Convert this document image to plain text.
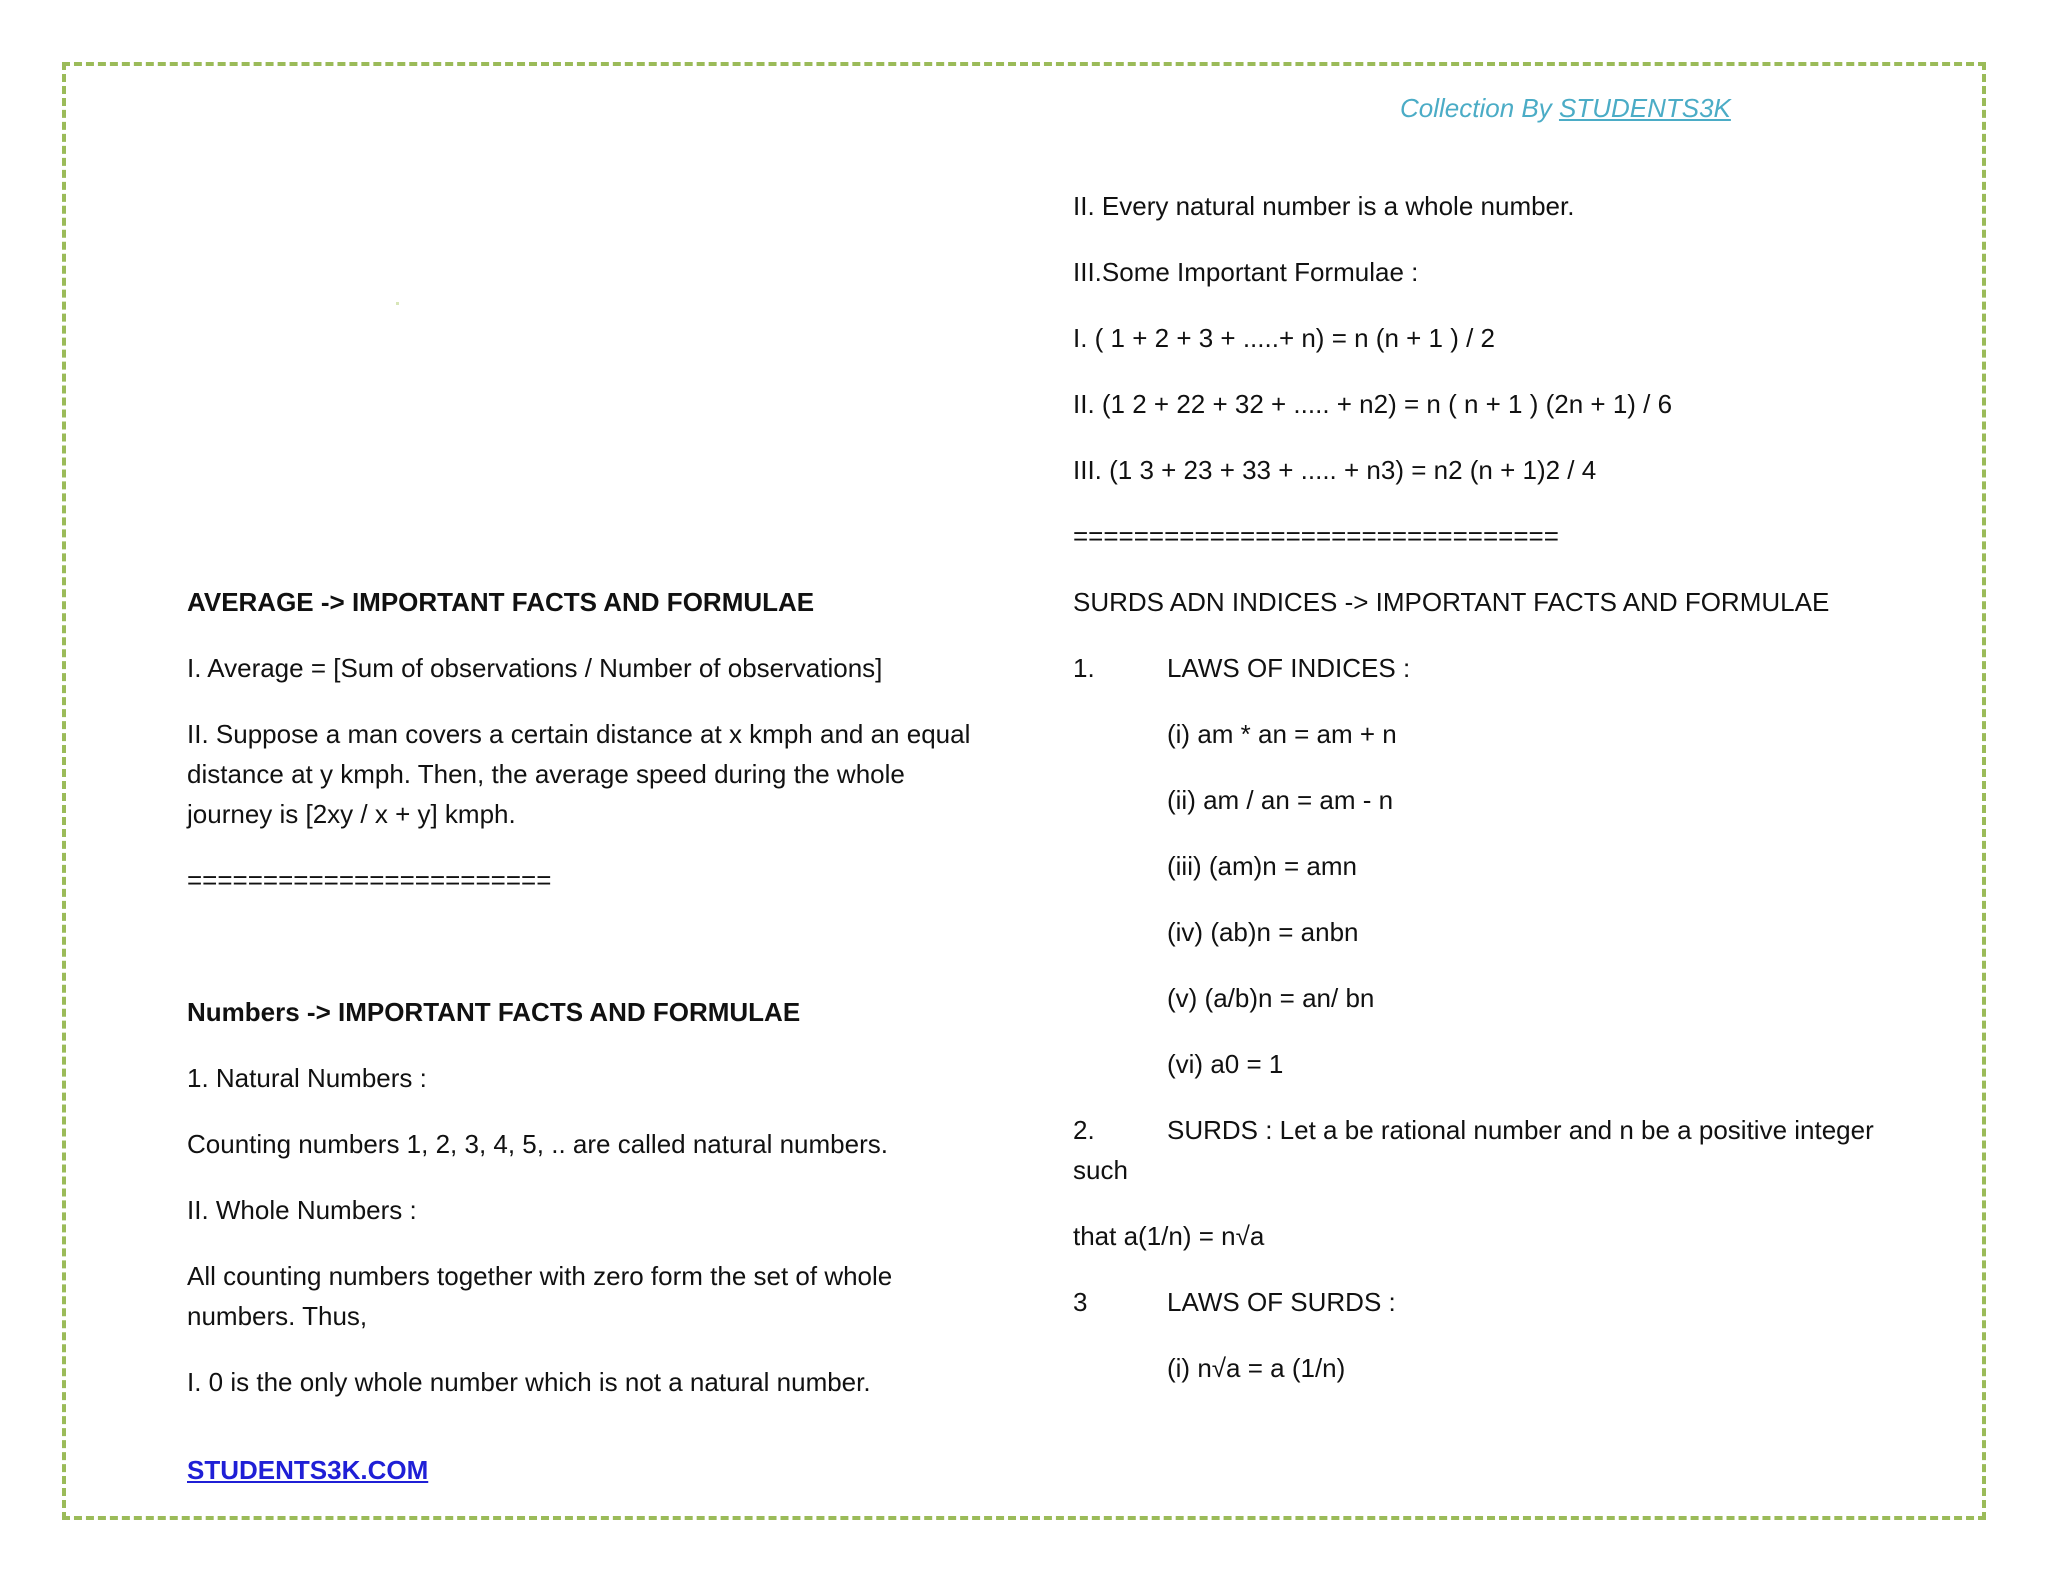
Collection By STUDENTS3K
AVERAGE -> IMPORTANT FACTS AND FORMULAE
I. Average = [Sum of observations / Number of observations]
II. Suppose a man covers a certain distance at x kmph and an equal distance at y kmph. Then, the average speed during the whole journey is [2xy / x + y] kmph.
========================
Numbers -> IMPORTANT FACTS AND FORMULAE
1. Natural Numbers :
Counting numbers 1, 2, 3, 4, 5, .. are called natural numbers.
II. Whole Numbers :
All counting numbers together with zero form the set of whole numbers. Thus,
I. 0 is the only whole number which is not a natural number.
II. Every natural number is a whole number.
III.Some Important Formulae :
I. ( 1 + 2 + 3 + .....+ n) = n (n + 1 ) / 2
II. (1 2 + 22 + 32 + ..... + n2) = n ( n + 1 ) (2n + 1) / 6
III. (1 3 + 23 + 33 + ..... + n3) = n2 (n + 1)2 / 4
================================
SURDS ADN INDICES -> IMPORTANT FACTS AND FORMULAE
1.	LAWS OF INDICES :
(i) am * an = am + n
(ii) am / an = am - n
(iii) (am)n = amn
(iv) (ab)n = anbn
(v) (a/b)n = an/ bn
(vi) a0 = 1
2.	SURDS : Let a be rational number and n be a positive integer
such
that a(1/n) = n√a
3	LAWS OF SURDS :
(i) n√a = a (1/n)
STUDENTS3K.COM
